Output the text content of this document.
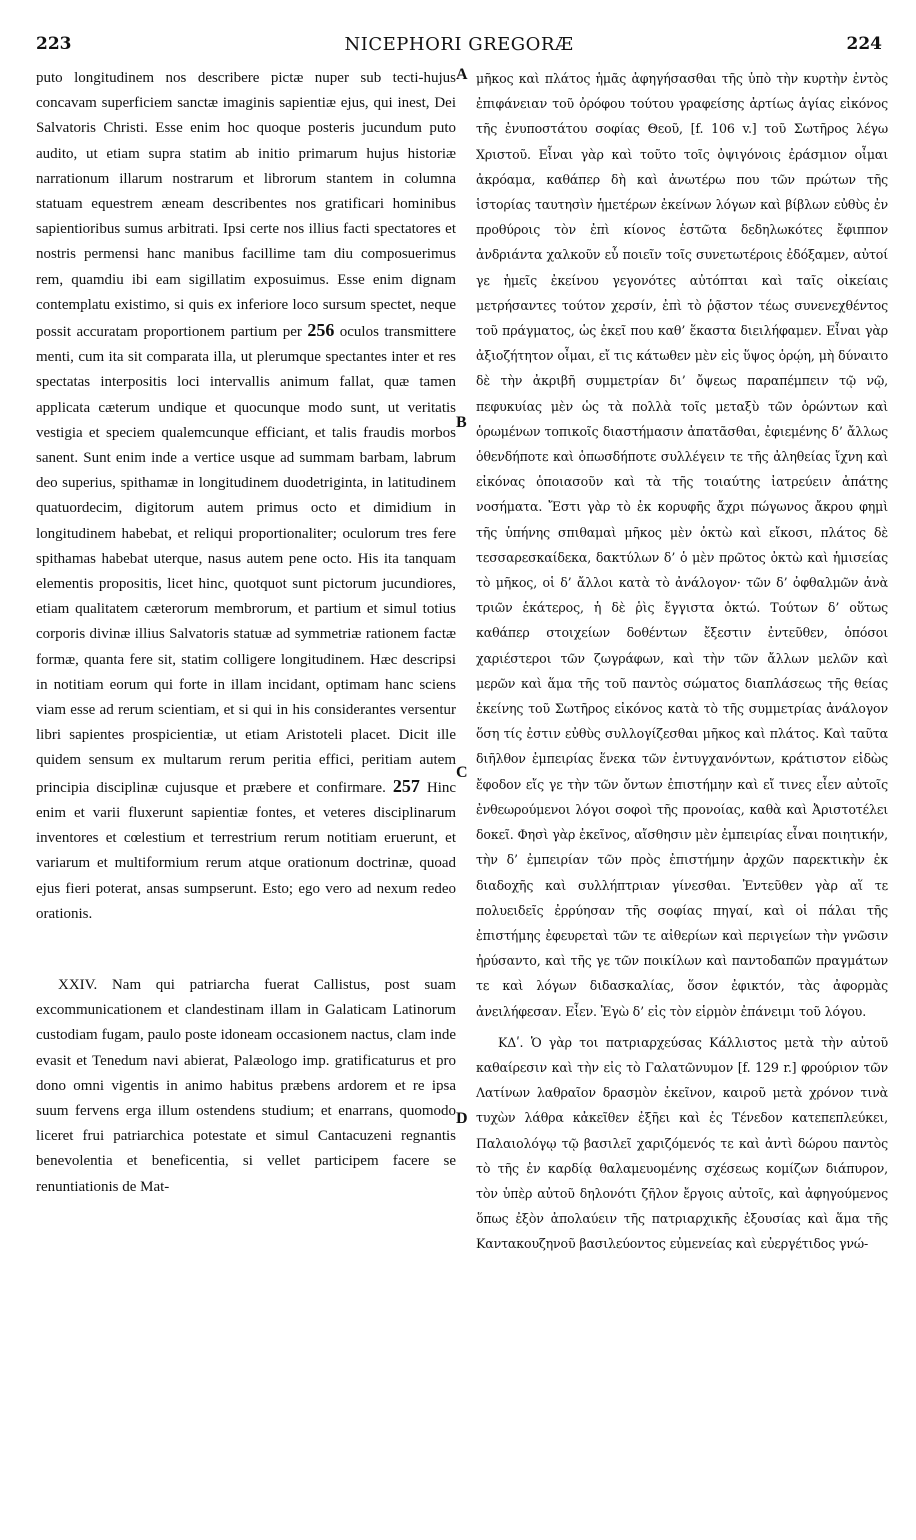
223	NICEPHORI GREGORÆ	224
A
B
C
D

puto longitudinem nos describere pictæ nuper sub tecti-hujus concavam superficiem sanctæ imaginis sapientiæ ejus, qui inest, Dei Salvatoris Christi. Esse enim hoc quoque posteris jucundum puto audito, ut etiam supra statim ab initio primarum hujus historiæ narrationum illarum nostrarum et librorum stantem in columna statuam equestrem æneam describentes nos gratificari hominibus sapientioribus sumus arbitrati. Ipsi certe nos illius facti spectatores et nostris permensi hanc manibus facillime tam diu composuerimus rem, quamdiu ibi eam sigillatim exposuimus. Esse enim dignam contemplatu existimo, si quis ex inferiore loco sursum spectet, neque possit accuratam proportionem partium per 256 oculos transmittere menti, cum ita sit comparata illa, ut plerumque spectantes inter et res spectatas interpositis loci intervallis animum fallat, quæ tamen applicata cæterum undique et quocunque modo sunt, ut veritatis vestigia et speciem qualemcunque efficiant, et talis fraudis morbos sanent. Sunt enim inde a vertice usque ad summam barbam, labrum deo superius, spithamæ in longitudinem duodetriginta, in latitudinem quatuordecim, digitorum autem primus octo et dimidium in longitudinem habebat, et reliqui proportionaliter; oculorum tres fere spithamas habebat uterque, nasus autem pene octo. His ita tanquam elementis propositis, licet hinc, quotquot sunt pictorum jucundiores, etiam qualitatem cæterorum membrorum, et partium et simul totius corporis divinæ illius Salvatoris statuæ ad symmetriæ rationem factæ formæ, quanta fere sit, statim colligere longitudinem. Hæc descripsi in notitiam eorum qui forte in illam incidant, optimam hanc sciens viam esse ad rerum scientiam, et si qui in his considerantes versentur libri sapientes prospicientiæ, ut etiam Aristoteli placet. Dicit ille quidem sensum ex multarum rerum peritia effici, peritiam autem principia disciplinæ cujusque et præbere et confirmare. 257 Hinc enim et varii fluxerunt sapientiæ fontes, et veteres disciplinarum inventores et cœlestium et terrestrium rerum notitiam eruerunt, et variarum et multiformium rerum atque orationum doctrinæ, quoad ejus fieri poterat, ansas sumpserunt. Esto; ego vero ad nexum redeo orationis.

XXIV. Nam qui patriarcha fuerat Callistus, post suam excommunicationem et clandestinam illam in Galaticam Latinorum custodiam fugam, paulo poste idoneam occasionem nactus, clam inde evasit et Tenedum navi abierat, Palæologo imp. gratificaturus et pro dono omni vigentis in animo habitus præbens ardorem et re ipsa suum fervens erga illum ostendens studium; et enarrans, quomodo liceret frui patriarchica potestate et simul Cantacuzeni regnantis benevolentia et beneficentia, si vellet participem facere se renuntiationis de Mat-

μῆκος καὶ πλάτος ἡμᾶς ἀφηγήσασθαι τῆς ὑπὸ τὴν κυρτὴν ἐντὸς ἐπιφάνειαν τοῦ ὀρόφου τούτου γραφείσης ἀρτίως ἁγίας εἰκόνος τῆς ἐνυποστάτου σοφίας Θεοῦ, [f. 106 v.] τοῦ Σωτῆρος λέγω Χριστοῦ. Εἶναι γὰρ καὶ τοῦτο τοῖς ὀψιγόνοις ἐράσμιον οἶμαι ἀκρόαμα, καθάπερ δὴ καὶ ἀνωτέρω που τῶν πρώτων τῆς ἱστορίας ταυτησὶν ἡμετέρων ἐκείνων λόγων καὶ βίβλων εὐθὺς ἐν προθύροις τὸν ἐπὶ κίονος ἑστῶτα δεδηλωκότες ἔφιππον ἀνδριάντα χαλκοῦν εὖ ποιεῖν τοῖς συνετωτέροις ἐδόξαμεν, αὐτοί γε ἡμεῖς ἐκείνου γεγονότες αὐτόπται καὶ ταῖς οἰκείαις μετρήσαντες τούτον χερσίν, ἐπὶ τὸ ῥᾷστον τέως συνενεχθέντος τοῦ πράγματος, ὡς ἐκεῖ που καθ’ ἕκαστα διειλήφαμεν. Εἶναι γὰρ ἀξιοζήτητον οἶμαι, εἴ τις κάτωθεν μὲν εἰς ὕψος ὁρῴη, μὴ δύναιτο δὲ τὴν ἀκριβῆ συμμετρίαν δι’ ὄψεως παραπέμπειν τῷ νῷ, πεφυκυίας μὲν ὡς τὰ πολλὰ τοῖς μεταξὺ τῶν ὁρώντων καὶ ὁρωμένων τοπικοῖς διαστήμασιν ἀπατᾶσθαι, ἐφιεμένης δ’ ἄλλως ὁθενδήποτε καὶ ὁπωσδήποτε συλλέγειν τε τῆς ἀληθείας ἴχνη καὶ εἰκόνας ὁποιασοῦν καὶ τὰ τῆς τοιαύτης ἰατρεύειν ἀπάτης νοσήματα. Ἔστι γὰρ τὸ ἐκ κορυφῆς ἄχρι πώγωνος ἄκρου φημὶ τῆς ὑπήνης σπιθαμαὶ μῆκος μὲν ὀκτὼ καὶ εἴκοσι, πλάτος δὲ τεσσαρεσκαίδεκα, δακτύλων δ’ ὁ μὲν πρῶτος ὀκτὼ καὶ ἡμισείας τὸ μῆκος, οἱ δ’ ἄλλοι κατὰ τὸ ἀνάλογον· τῶν δ’ ὀφθαλμῶν ἀνὰ τριῶν ἑκάτερος, ἡ δὲ ῥὶς ἔγγιστα ὀκτώ. Τούτων δ’ οὕτως καθάπερ στοιχείων δοθέντων ἔξεστιν ἐντεῦθεν, ὁπόσοι χαριέστεροι τῶν ζωγράφων, καὶ τὴν τῶν ἄλλων μελῶν καὶ μερῶν καὶ ἅμα τῆς τοῦ παντὸς σώματος διαπλάσεως τῆς θείας ἐκείνης τοῦ Σωτῆρος εἰκόνος κατὰ τὸ τῆς συμμετρίας ἀνάλογον ὅση τίς ἐστιν εὐθὺς συλλογίζεσθαι μῆκος καὶ πλάτος. Καὶ ταῦτα διῆλθον ἐμπειρίας ἕνεκα τῶν ἐντυγχανόντων, κράτιστον εἰδὼς ἔφοδον εἴς γε τὴν τῶν ὄντων ἐπιστήμην καὶ εἴ τινες εἶεν αὐτοῖς ἐνθεωρούμενοι λόγοι σοφοὶ τῆς προνοίας, καθὰ καὶ Ἀριστοτέλει δοκεῖ. Φησὶ γὰρ ἐκεῖνος, αἴσθησιν μὲν ἐμπειρίας εἶναι ποιητικήν, τὴν δ’ ἐμπειρίαν τῶν πρὸς ἐπιστήμην ἀρχῶν παρεκτικὴν ἐκ διαδοχῆς καὶ συλλήπτριαν γίνεσθαι. Ἐντεῦθεν γὰρ αἵ τε πολυειδεῖς ἐρρύησαν τῆς σοφίας πηγαί, καὶ οἱ πάλαι τῆς ἐπιστήμης ἐφευρεταὶ τῶν τε αἰθερίων καὶ περιγείων τὴν γνῶσιν ἠρύσαντο, καὶ τῆς γε τῶν ποικίλων καὶ παντοδαπῶν πραγμάτων τε καὶ λόγων διδασκαλίας, ὅσον ἐφικτόν, τὰς ἀφορμὰς ἀνειλήφεσαν. Εἶεν. Ἐγὼ δ’ εἰς τὸν εἱρμὸν ἐπάνειμι τοῦ λόγου.

ΚΔʹ. Ὁ γὰρ τοι πατριαρχεύσας Κάλλιστος μετὰ τὴν αὐτοῦ καθαίρεσιν καὶ τὴν εἰς τὸ Γαλατῶνυμον [f. 129 r.] φρούριον τῶν Λατίνων λαθραῖον δρασμὸν ἐκεῖνον, καιροῦ μετὰ χρόνον τινὰ τυχὼν λάθρα κἀκεῖθεν ἐξῆει καὶ ἐς Τένεδον κατεπεπλεύκει, Παλαιολόγῳ τῷ βασιλεῖ χαριζόμενός τε καὶ ἀντὶ δώρου παντὸς τὸ τῆς ἐν καρδίᾳ θαλαμευομένης σχέσεως κομίζων διάπυρον, τὸν ὑπὲρ αὐτοῦ δηλονότι ζῆλον ἔργοις αὐτοῖς, καὶ ἀφηγούμενος ὅπως ἐξὸν ἀπολαύειν τῆς πατριαρχικῆς ἐξουσίας καὶ ἅμα τῆς Καντακουζηνοῦ βασιλεύοντος εὐμενείας καὶ εὐεργέτιδος γνώ-
